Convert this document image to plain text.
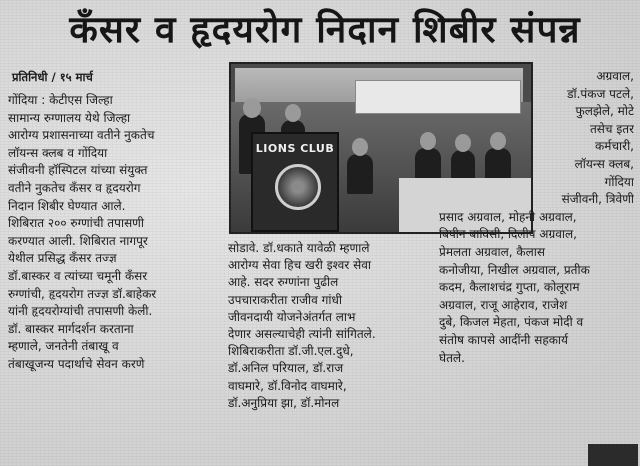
कॅंसर व हृदयरोग निदान शिबीर संपन्न
प्रतिनिधी / १५ मार्च

गोंदिया : केटीएस जिल्हा

सामान्य रुग्णालय येथे जिल्हा

आरोग्य प्रशासनाच्या वतीने नुकतेच

लॉयन्स क्लब व गोंदिया

संजीवनी हॉस्पिटल यांच्या संयुक्त

वतीने नुकतेच कॅंसर व हृदयरोग

निदान शिबीर घेण्यात आले.

शिबिरात २०० रुग्णांची तपासणी

करण्यात आली. शिबिरात नागपूर

येथील प्रसिद्ध कॅंसर तज्ज्ञ

डॉ.बास्कर व त्यांच्या चमूनी कॅंसर

रुग्णांची, हृदयरोग तज्ज्ञ डॉ.बाहेकर

यांनी हृदयरोग्यांची तपासणी केली.

डॉ. बास्कर मार्गदर्शन करताना

म्हणाले, जनतेनी तंबाखू व

तंबाखूजन्य पदार्थाचे सेवन करणे

LIONS CLUB

सोडावे. डॉ.धकाते यावेळी म्हणाले

आरोग्य सेवा हिच खरी इश्वर सेवा

आहे. सदर रुग्णांना पुढील

उपचाराकरीता राजीव गांधी

जीवनदायी योजनेअंतर्गत लाभ

देणार असल्याचेही त्यांनी सांगितले.

शिबिराकरीता डॉ.जी.एल.दुधे,

डॉ.अनिल परियाल, डॉ.राज

वाघमारे, डॉ.विनोद वाघमारे,

डॉ.अनुप्रिया झा, डॉ.मोनल

अग्रवाल,

डॉ.पंकज पटले,

फुलझेले, मोटे

तसेच इतर

कर्मचारी,

लॉयन्स क्लब,

गोंदिया

संजीवनी, त्रिवेणी

प्रसाद अग्रवाल, मोहनी अग्रवाल,

बिपीन बाविसी, दिलीप अग्रवाल,

प्रेमलता अग्रवाल, कैलास

कनोजीया, निखील अग्रवाल, प्रतीक

कदम, कैलाशचंद्र गुप्ता, कोलूराम

अग्रवाल, राजू आहेराव, राजेश

दुबे, किजल मेहता, पंकज मोदी व

संतोष कापसे आदींनी सहकार्य

घेतले.
